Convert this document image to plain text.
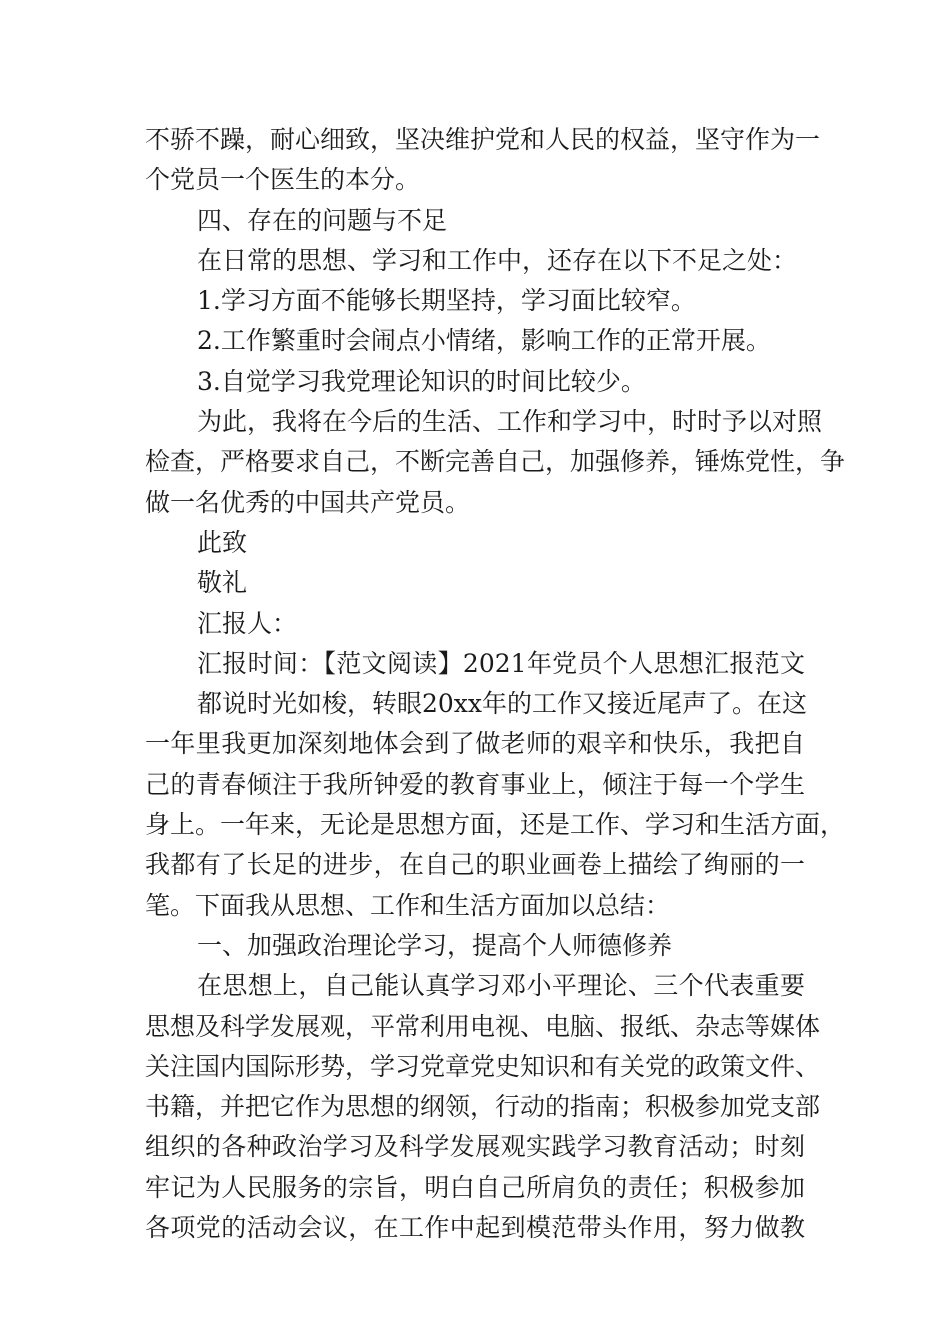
不骄不躁，耐心细致，坚决维护党和人民的权益，坚守作为一
个党员一个医生的本分。
四、存在的问题与不足
在日常的思想、学习和工作中，还存在以下不足之处：
1.学习方面不能够长期坚持，学习面比较窄。
2.工作繁重时会闹点小情绪，影响工作的正常开展。
3.自觉学习我党理论知识的时间比较少。
为此，我将在今后的生活、工作和学习中，时时予以对照
检查，严格要求自己，不断完善自己，加强修养，锤炼党性，争
做一名优秀的中国共产党员。
此致
敬礼
汇报人：
汇报时间：【范文阅读】2021年党员个人思想汇报范文
都说时光如梭，转眼20xx年的工作又接近尾声了。在这
一年里我更加深刻地体会到了做老师的艰辛和快乐，我把自
己的青春倾注于我所钟爱的教育事业上，倾注于每一个学生
身上。一年来，无论是思想方面，还是工作、学习和生活方面，
我都有了长足的进步，在自己的职业画卷上描绘了绚丽的一
笔。下面我从思想、工作和生活方面加以总结：
一、加强政治理论学习，提高个人师德修养
在思想上，自己能认真学习邓小平理论、三个代表重要
思想及科学发展观，平常利用电视、电脑、报纸、杂志等媒体
关注国内国际形势，学习党章党史知识和有关党的政策文件、
书籍，并把它作为思想的纲领，行动的指南；积极参加党支部
组织的各种政治学习及科学发展观实践学习教育活动；时刻
牢记为人民服务的宗旨，明白自己所肩负的责任；积极参加
各项党的活动会议，在工作中起到模范带头作用，努力做教
